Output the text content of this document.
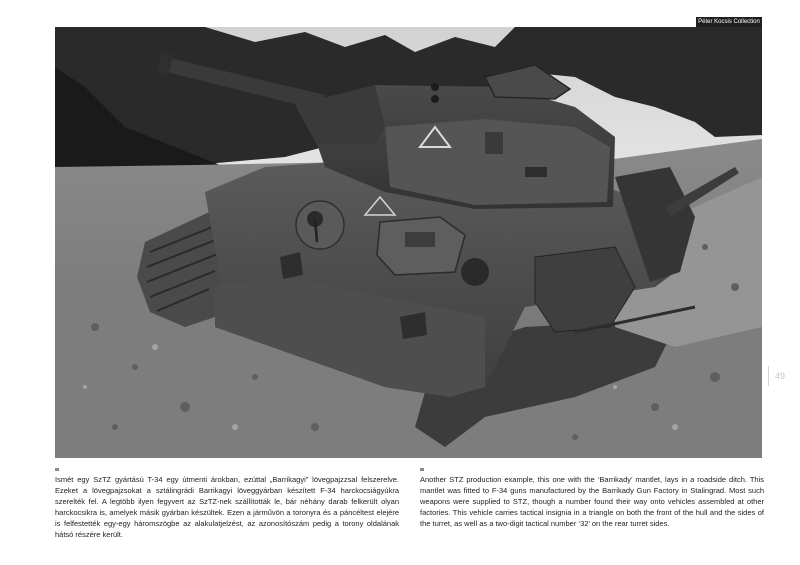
Péter Kocsis Collection
49
Ismét egy SzTZ gyártású T-34 egy útmenti árokban, ezúttal „Barrikagyi” lövegpajzzsal felszerelve. Ezeket a lövegpajzsokat a sztálingrádi Barrikagyi löveggyárban készített F-34 harckocsiágyúkra szerelték fel. A legtöbb ilyen fegyvert az SzTZ-nek szállították le, bár néhány darab felkerült olyan harckocsikra is, amelyek másik gyárban készültek. Ezen a járművön a toronyra és a páncéltest elejére is felfestették egy-egy háromszögbe az alakulatjelzést, az azonosítószám pedig a torony oldalának hátsó részére került.
Another STZ production example, this one with the ‘Barrikady’ mantlet, lays in a roadside ditch. This mantlet was fitted to F-34 guns manufactured by the Barrikady Gun Factory in Stalingrad. Most such weapons were supplied to STZ, though a number found their way onto vehicles assembled at other factories. This vehicle carries tactical insignia in a triangle on both the front of the hull and the sides of the turret, as well as a two-digit tactical number ‘32’ on the rear turret sides.
